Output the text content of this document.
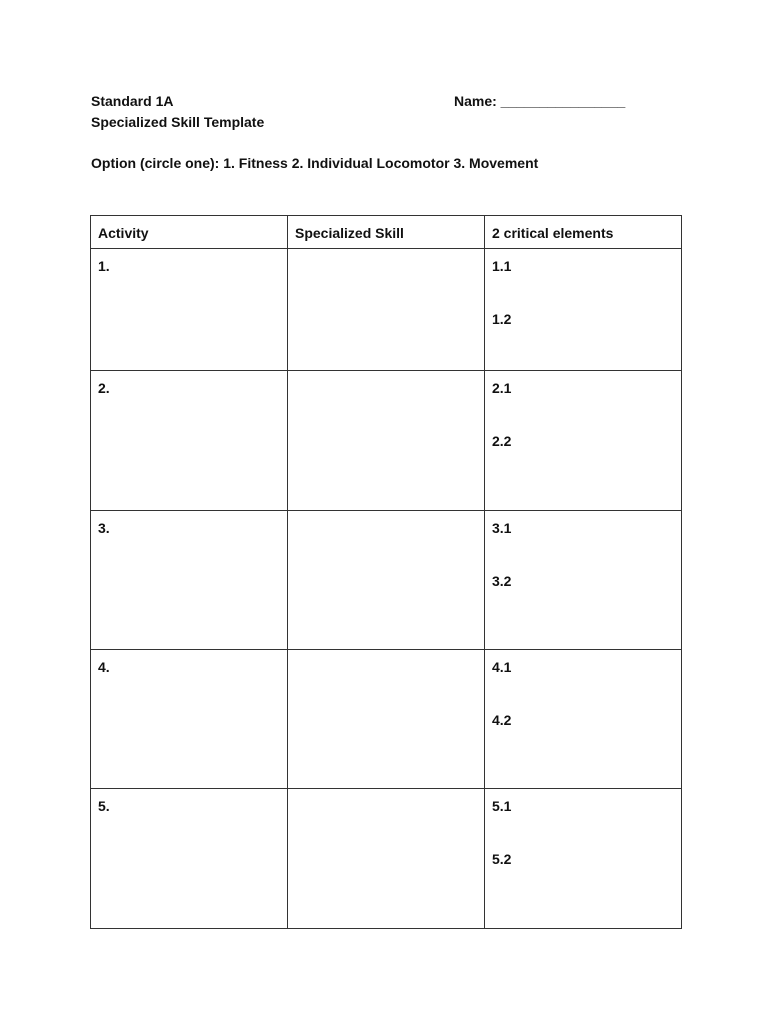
Standard 1A
Specialized Skill Template
Name: ________________
Option (circle one): 1. Fitness 2. Individual Locomotor 3. Movement
Activity	Specialized Skill	2 critical elements

1.		1.1
1.2

2.		2.1
2.2

3.		3.1
3.2

4.		4.1
4.2

5.		5.1
5.2
